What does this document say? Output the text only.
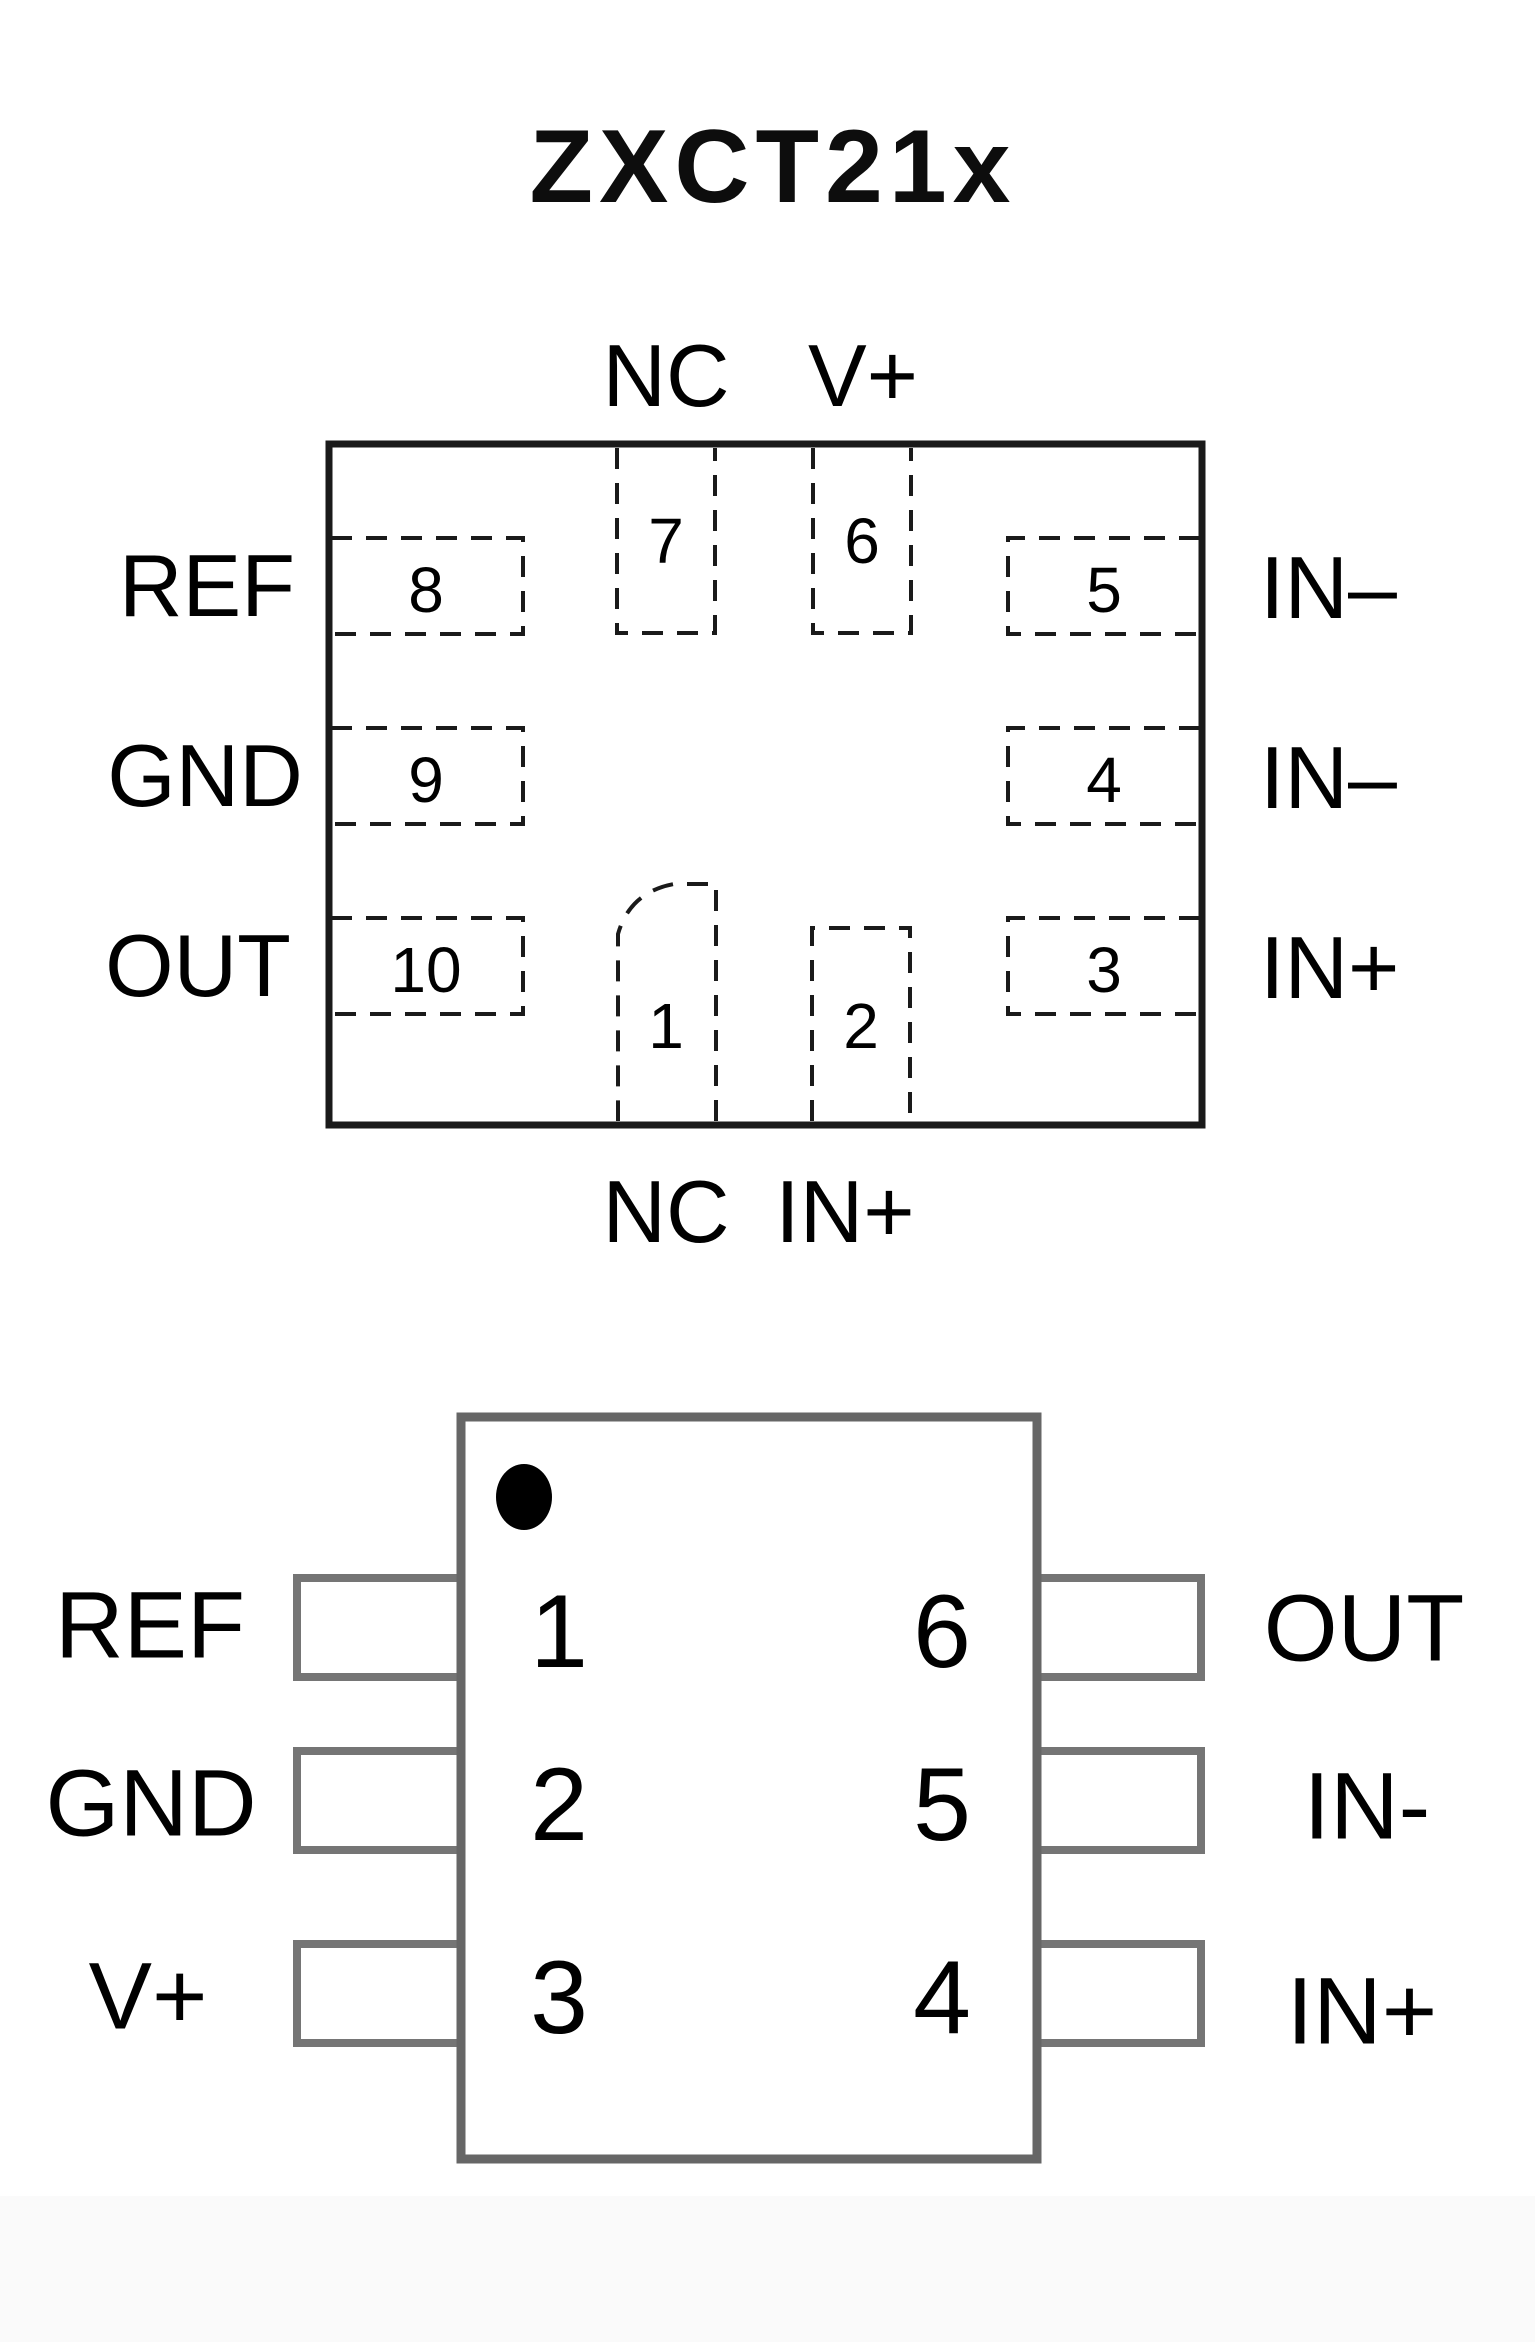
ZXCT21x
REF
GND
OUT
IN–
IN–
IN+
NC V+
NC IN+
8
9
10
5
4
3
7	6
1 2
1
2
3
6
5
4
REF
GND
V+
OUT
IN-
IN+
